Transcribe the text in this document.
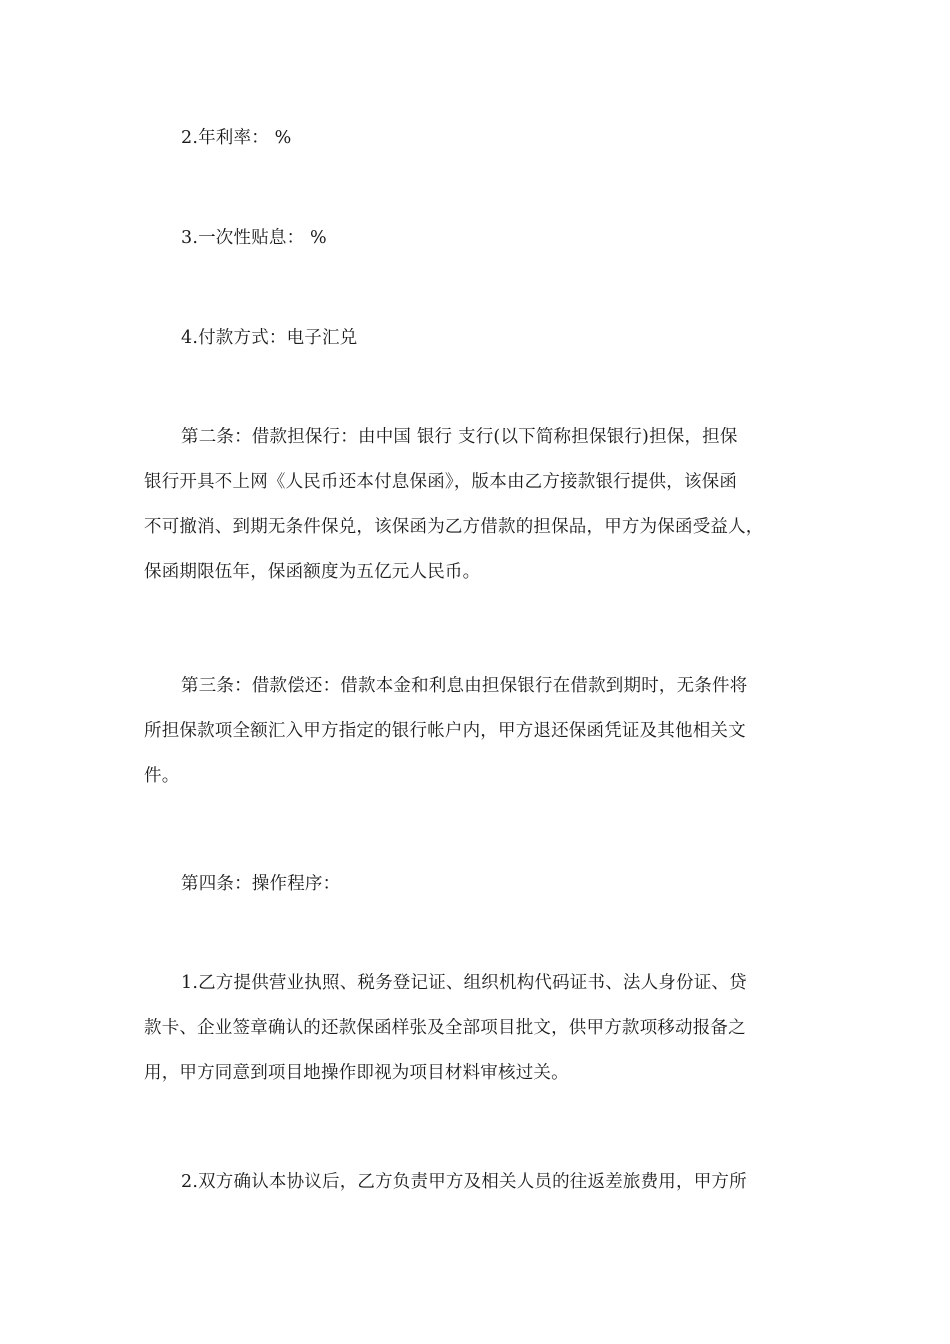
2.年利率： %

3.一次性贴息： %

4.付款方式：电子汇兑

第二条：借款担保行：由中国 银行 支行(以下简称担保银行)担保，担保
银行开具不上网《人民币还本付息保函》，版本由乙方接款银行提供，该保函
不可撤消、到期无条件保兑，该保函为乙方借款的担保品，甲方为保函受益人，
保函期限伍年，保函额度为五亿元人民币。

第三条：借款偿还：借款本金和利息由担保银行在借款到期时，无条件将
所担保款项全额汇入甲方指定的银行帐户内，甲方退还保函凭证及其他相关文
件。

第四条：操作程序：

1.乙方提供营业执照、税务登记证、组织机构代码证书、法人身份证、贷
款卡、企业签章确认的还款保函样张及全部项目批文，供甲方款项移动报备之
用，甲方同意到项目地操作即视为项目材料审核过关。

2.双方确认本协议后，乙方负责甲方及相关人员的往返差旅费用，甲方所
